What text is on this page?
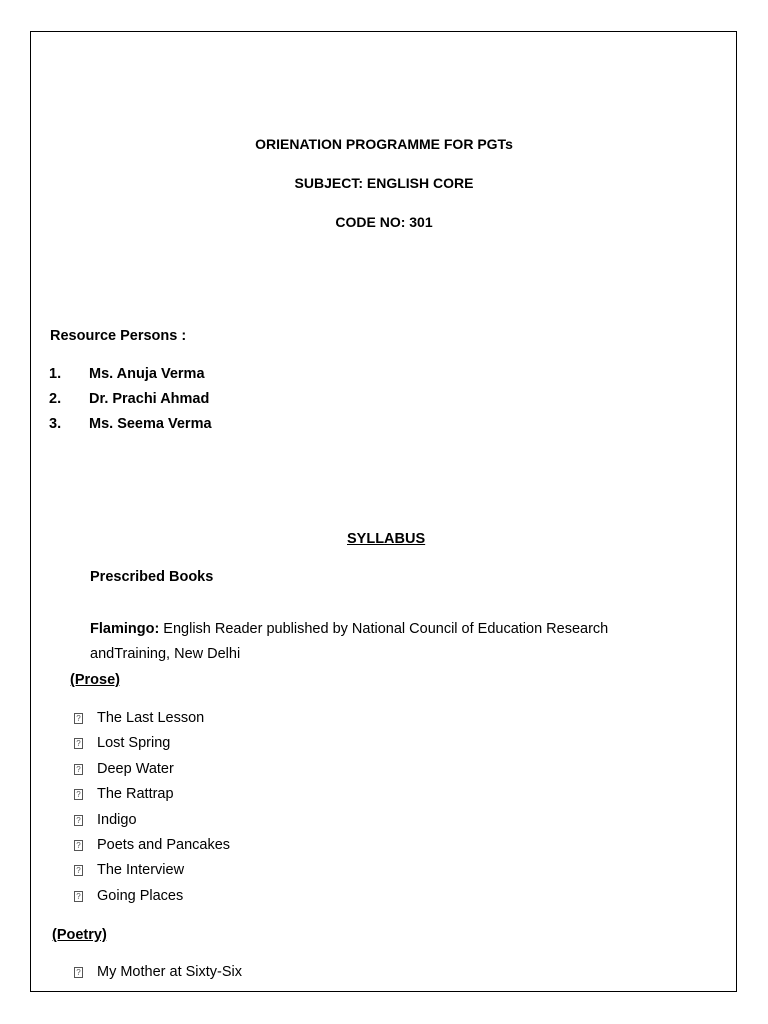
ORIENATION PROGRAMME FOR PGTs
SUBJECT: ENGLISH CORE
CODE NO: 301
Resource Persons :
1. Ms. Anuja Verma
2. Dr. Prachi Ahmad
3. Ms. Seema Verma
SYLLABUS
Prescribed Books
Flamingo: English Reader published by National Council of Education Research
andTraining, New Delhi
(Prose)
? The Last Lesson
? Lost Spring
? Deep Water
? The Rattrap
? Indigo
? Poets and Pancakes
? The Interview
? Going Places
(Poetry)
? My Mother at Sixty-Six
